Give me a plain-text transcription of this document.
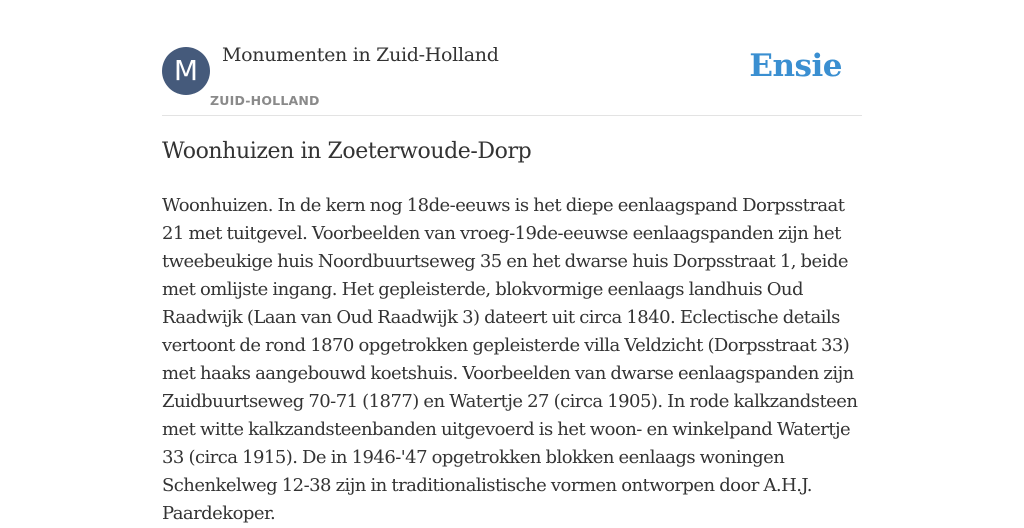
M	Monumenten in Zuid-Holland
ZUID-HOLLAND
Ensie
Woonhuizen in Zoeterwoude-Dorp

Woonhuizen. In de kern nog 18de-eeuws is het diepe eenlaagspand Dorpsstraat 21 met tuitgevel. Voorbeelden van vroeg-19de-eeuwse eenlaagspanden zijn het tweebeukige huis Noordbuurtseweg 35 en het dwarse huis Dorpsstraat 1, beide met omlijste ingang. Het gepleisterde, blokvormige eenlaags landhuis Oud Raadwijk (Laan van Oud Raadwijk 3) dateert uit circa 1840. Eclectische details vertoont de rond 1870 opgetrokken gepleisterde villa Veldzicht (Dorpsstraat 33) met haaks aangebouwd koetshuis. Voorbeelden van dwarse eenlaagspanden zijn Zuidbuurtseweg 70-71 (1877) en Watertje 27 (circa 1905). In rode kalkzandsteen met witte kalkzandsteenbanden uitgevoerd is het woon- en winkelpand Watertje 33 (circa 1915). De in 1946-'47 opgetrokken blokken eenlaags woningen Schenkelweg 12-38 zijn in traditionalistische vormen ontworpen door A.H.J. Paardekoper.
